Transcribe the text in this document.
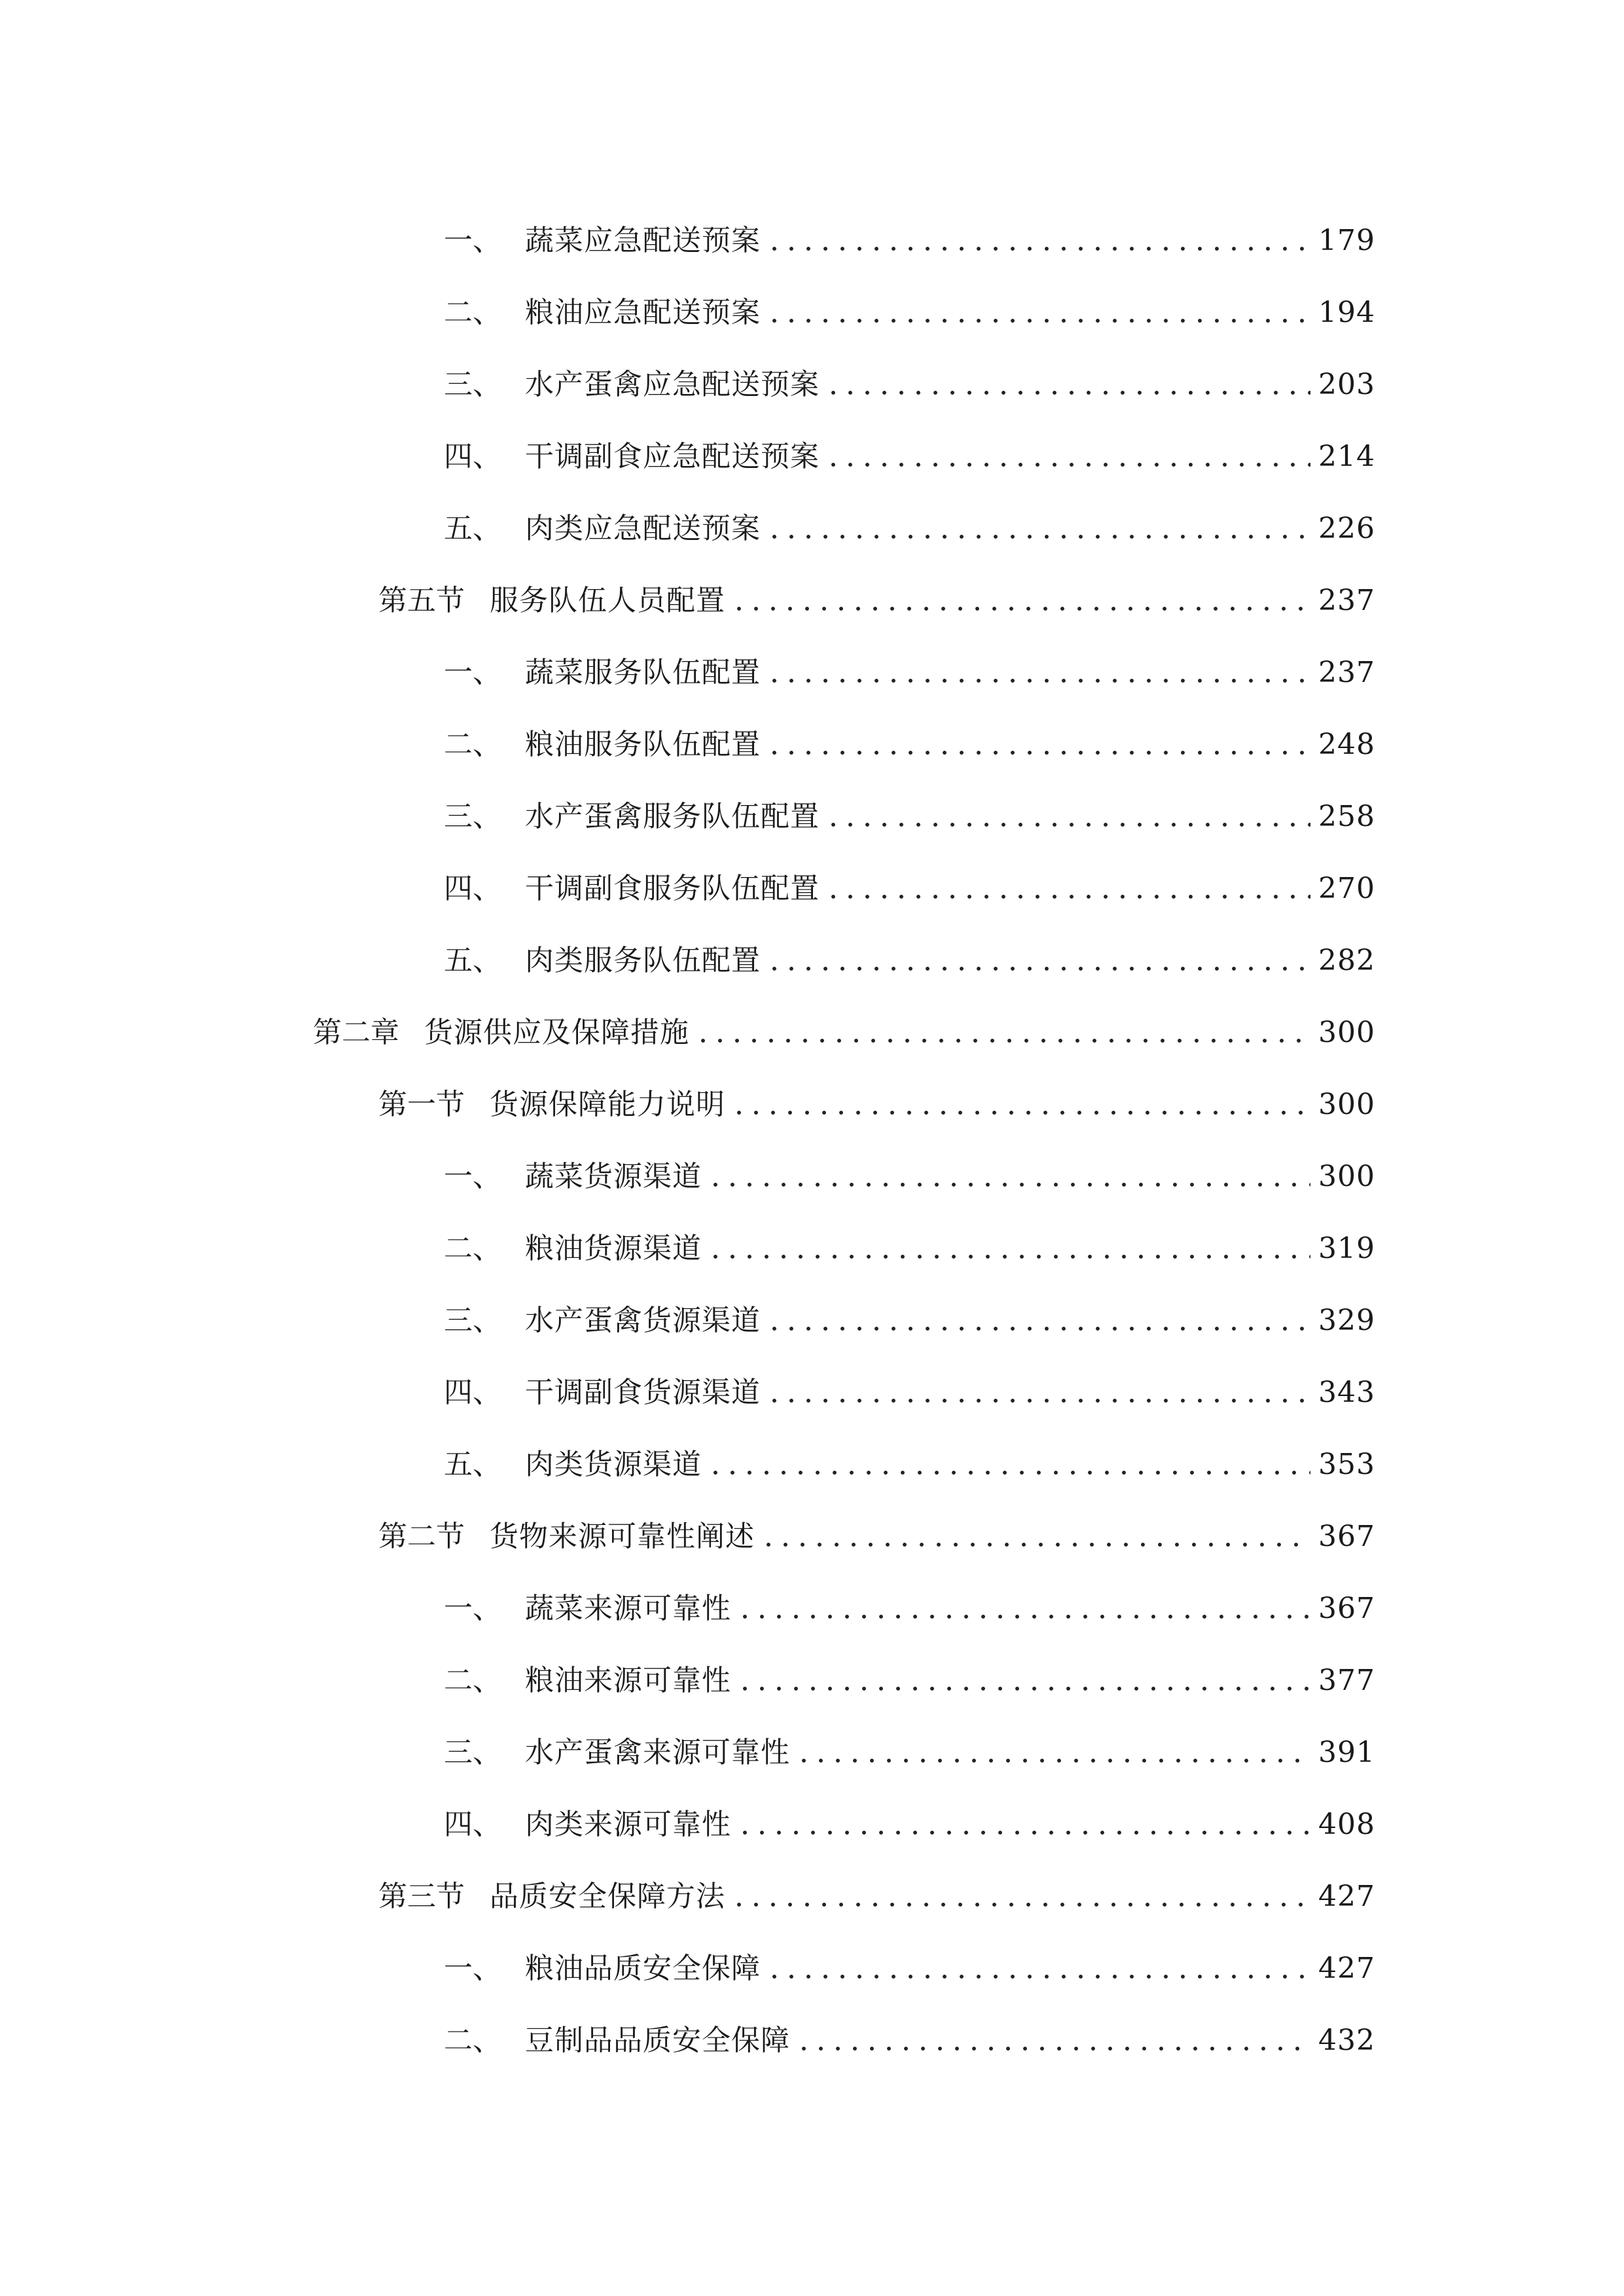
一、 蔬菜应急配送预案	179
二、 粮油应急配送预案	194
三、 水产蛋禽应急配送预案	203
四、 干调副食应急配送预案	214
五、 肉类应急配送预案	226
第五节 服务队伍人员配置	237
一、 蔬菜服务队伍配置	237
二、 粮油服务队伍配置	248
三、 水产蛋禽服务队伍配置	258
四、 干调副食服务队伍配置	270
五、 肉类服务队伍配置	282
第二章 货源供应及保障措施	300
第一节 货源保障能力说明	300
一、 蔬菜货源渠道	300
二、 粮油货源渠道	319
三、 水产蛋禽货源渠道	329
四、 干调副食货源渠道	343
五、 肉类货源渠道	353
第二节 货物来源可靠性阐述	367
一、 蔬菜来源可靠性	367
二、 粮油来源可靠性	377
三、 水产蛋禽来源可靠性	391
四、 肉类来源可靠性	408
第三节 品质安全保障方法	427
一、 粮油品质安全保障	427
二、 豆制品品质安全保障	432
